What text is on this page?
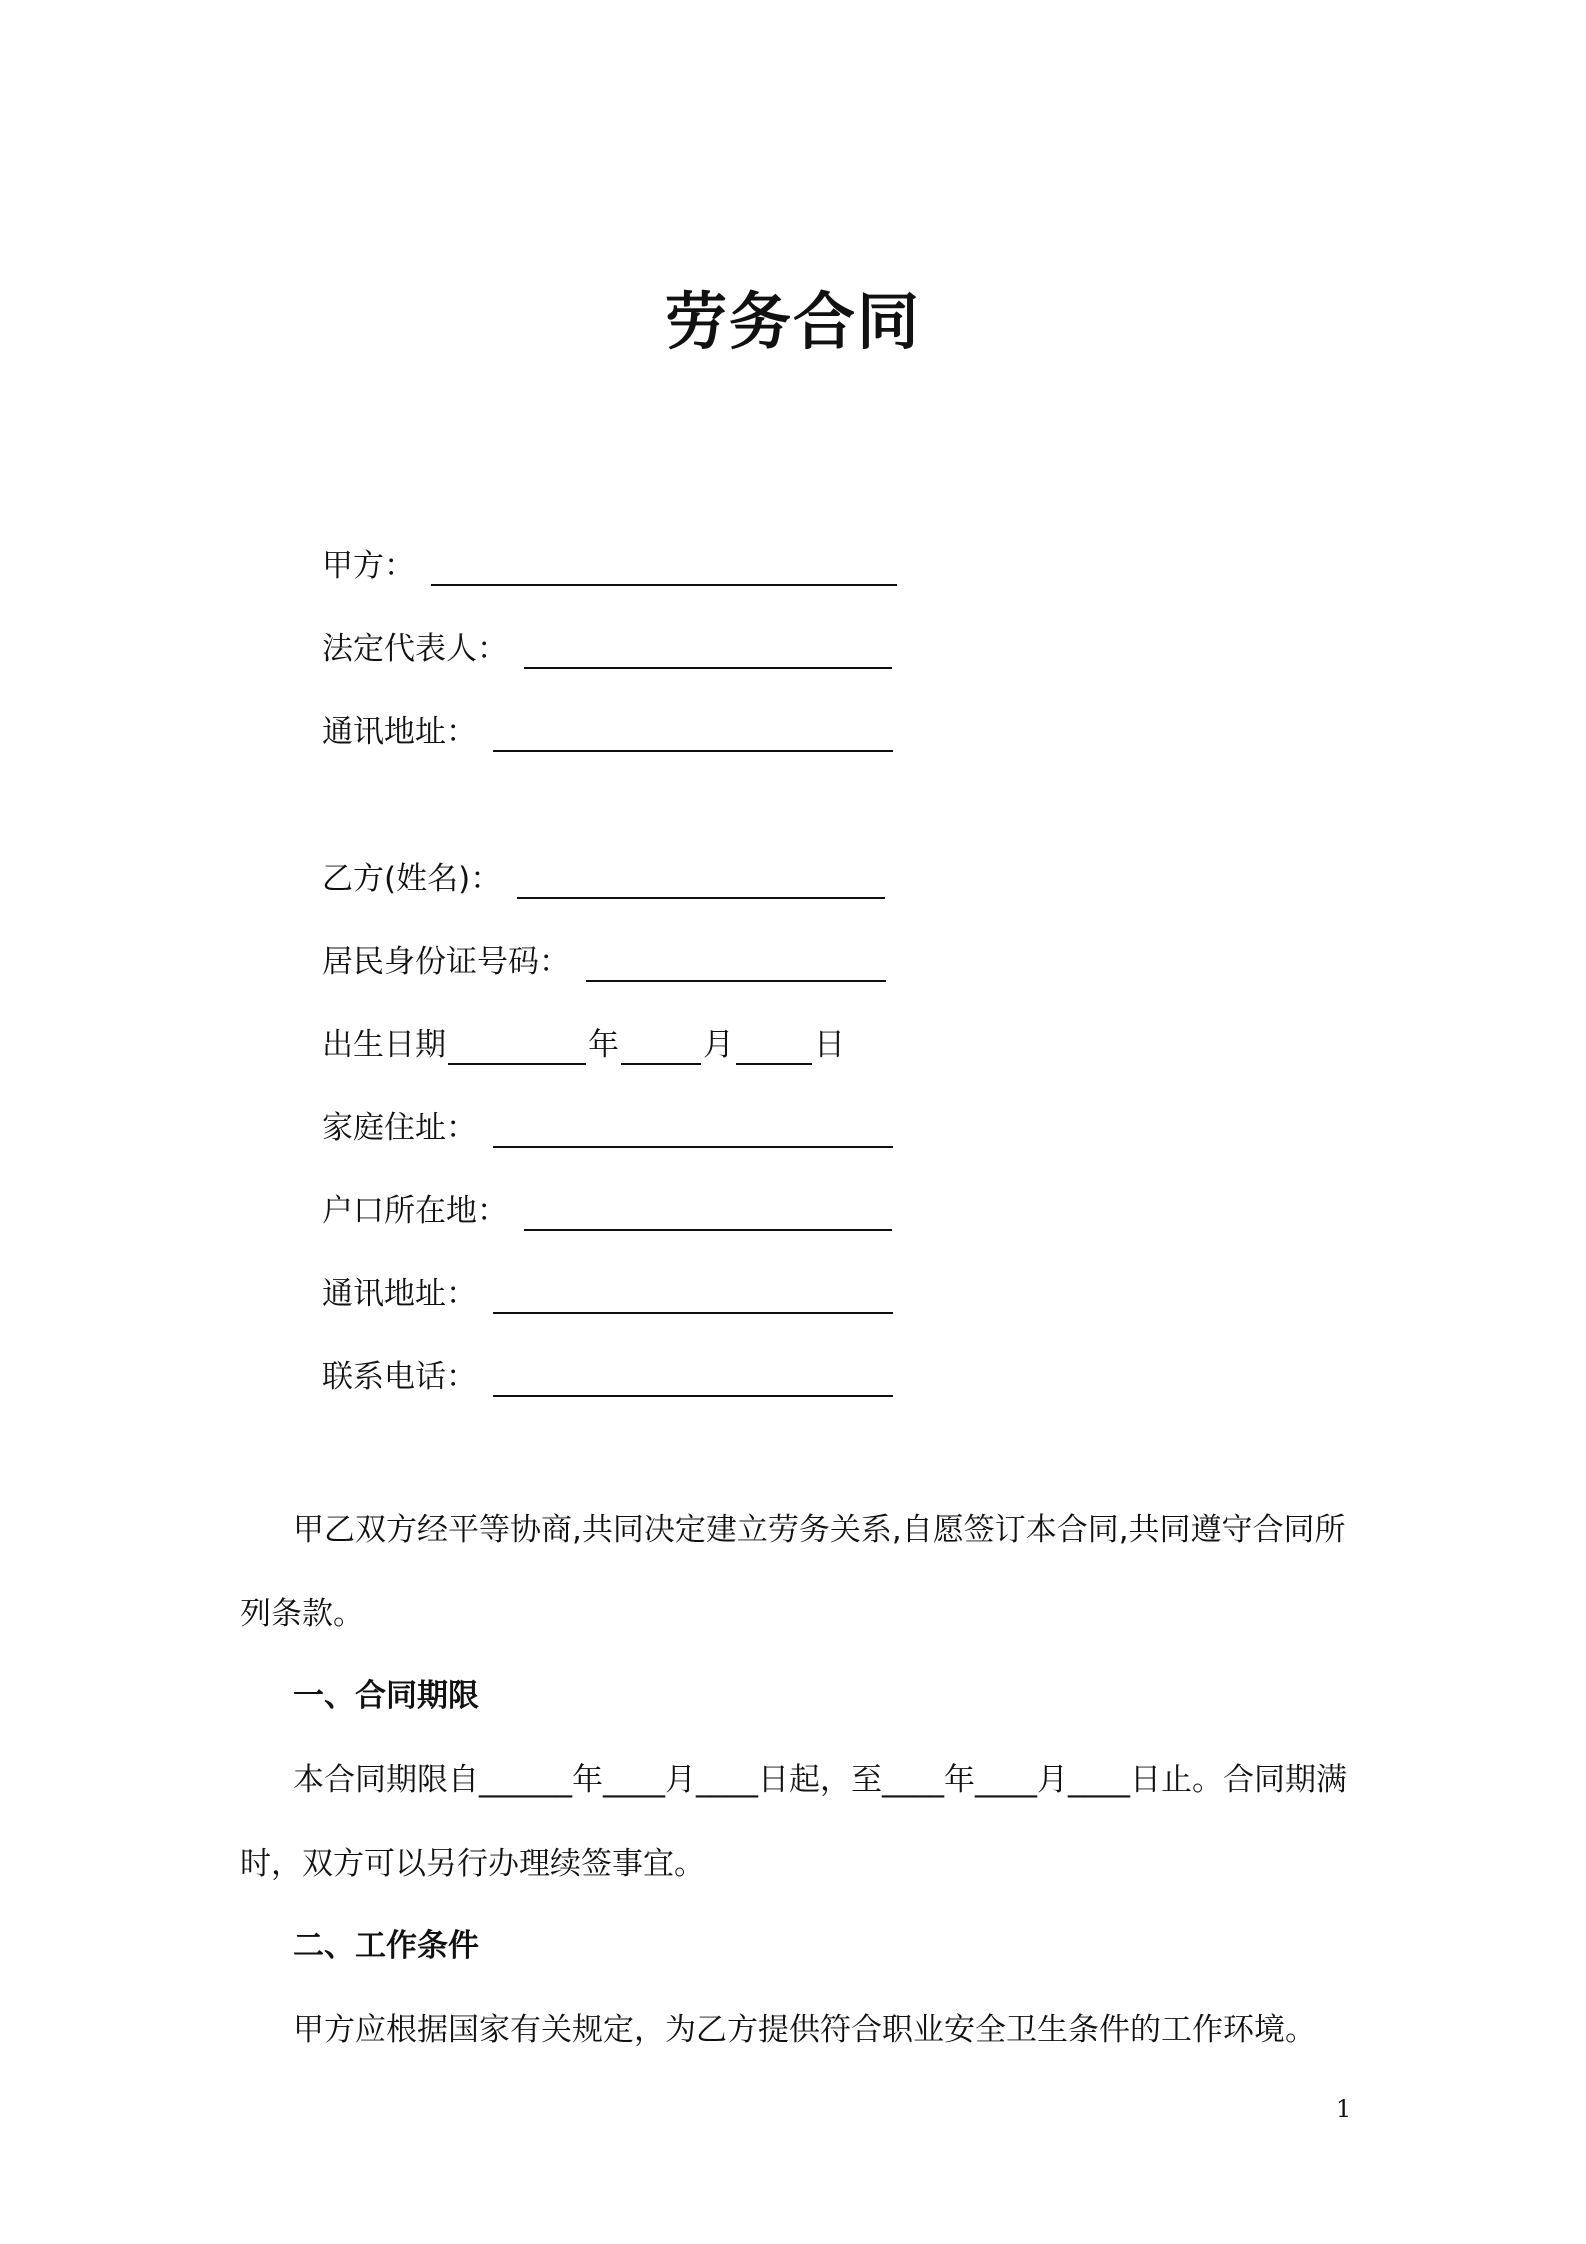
劳务合同
甲方：
法定代表人：
通讯地址：
乙方(姓名)：
居民身份证号码：
出生日期	年	月	日
家庭住址：
户口所在地：
通讯地址：
联系电话：

甲乙双方经平等协商,共同决定建立劳务关系,自愿签订本合同,共同遵守合同所列条款。

一、合同期限

本合同期限自______年____月____日起，至____年____月____日止。合同期满时，双方可以另行办理续签事宜。

二、工作条件

甲方应根据国家有关规定，为乙方提供符合职业安全卫生条件的工作环境。

1
